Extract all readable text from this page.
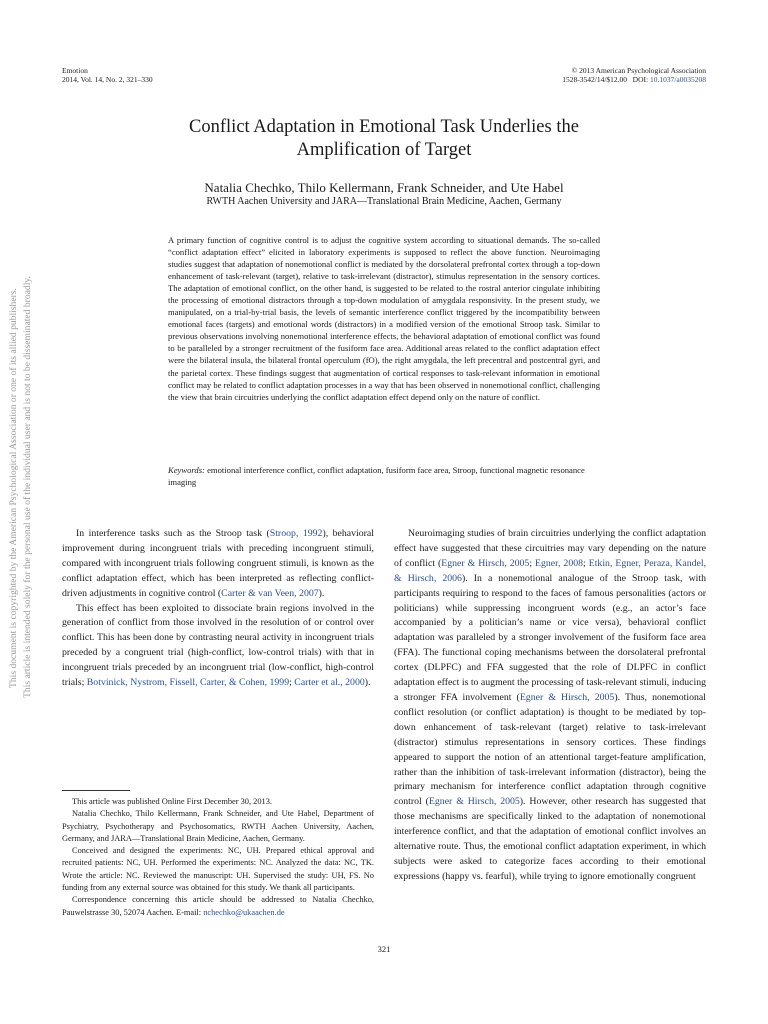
Emotion
2014, Vol. 14, No. 2, 321–330
© 2013 American Psychological Association
1528-3542/14/$12.00 DOI: 10.1037/a0035208
Conflict Adaptation in Emotional Task Underlies the
Amplification of Target
Natalia Chechko, Thilo Kellermann, Frank Schneider, and Ute Habel
RWTH Aachen University and JARA—Translational Brain Medicine, Aachen, Germany
A primary function of cognitive control is to adjust the cognitive system according to situational demands. The so-called “conflict adaptation effect” elicited in laboratory experiments is supposed to reflect the above function. Neuroimaging studies suggest that adaptation of nonemotional conflict is mediated by the dorsolateral prefrontal cortex through a top-down enhancement of task-relevant (target), relative to task-irrelevant (distractor), stimulus representation in the sensory cortices. The adaptation of emotional conflict, on the other hand, is suggested to be related to the rostral anterior cingulate inhibiting the processing of emotional distractors through a top-down modulation of amygdala responsivity. In the present study, we manipulated, on a trial-by-trial basis, the levels of semantic interference conflict triggered by the incompatibility between emotional faces (targets) and emotional words (distractors) in a modified version of the emotional Stroop task. Similar to previous observations involving nonemotional interference effects, the behavioral adaptation of emotional conflict was found to be paralleled by a stronger recruitment of the fusiform face area. Additional areas related to the conflict adaptation effect were the bilateral insula, the bilateral frontal operculum (fO), the right amygdala, the left precentral and postcentral gyri, and the parietal cortex. These findings suggest that augmentation of cortical responses to task-relevant information in emotional conflict may be related to conflict adaptation processes in a way that has been observed in nonemotional conflict, challenging the view that brain circuitries underlying the conflict adaptation effect depend only on the nature of conflict.
Keywords: emotional interference conflict, conflict adaptation, fusiform face area, Stroop, functional magnetic resonance imaging

In interference tasks such as the Stroop task (Stroop, 1992), behavioral improvement during incongruent trials with preceding incongruent stimuli, compared with incongruent trials following congruent stimuli, is known as the conflict adaptation effect, which has been interpreted as reflecting conflict-driven adjustments in cognitive control (Carter & van Veen, 2007).

This effect has been exploited to dissociate brain regions involved in the generation of conflict from those involved in the resolution of or control over conflict. This has been done by contrasting neural activity in incongruent trials preceded by a congruent trial (high-conflict, low-control trials) with that in incongruent trials preceded by an incongruent trial (low-conflict, high-control trials; Botvinick, Nystrom, Fissell, Carter, & Cohen, 1999; Carter et al., 2000).

This article was published Online First December 30, 2013.

Natalia Chechko, Thilo Kellermann, Frank Schneider, and Ute Habel, Department of Psychiatry, Psychotherapy and Psychosomatics, RWTH Aachen University, Aachen, Germany, and JARA—Translational Brain Medicine, Aachen, Germany.

Conceived and designed the experiments: NC, UH. Prepared ethical approval and recruited patients: NC, UH. Performed the experiments: NC. Analyzed the data: NC, TK. Wrote the article: NC. Reviewed the manuscript: UH. Supervised the study: UH, FS. No funding from any external source was obtained for this study. We thank all participants.

Correspondence concerning this article should be addressed to Natalia Chechko, Pauwelstrasse 30, 52074 Aachen. E-mail: nchechko@ukaachen.de

Neuroimaging studies of brain circuitries underlying the conflict adaptation effect have suggested that these circuitries may vary depending on the nature of conflict (Egner & Hirsch, 2005; Egner, 2008; Etkin, Egner, Peraza, Kandel, & Hirsch, 2006). In a nonemotional analogue of the Stroop task, with participants requiring to respond to the faces of famous personalities (actors or politicians) while suppressing incongruent words (e.g., an actor’s face accompanied by a politician’s name or vice versa), behavioral conflict adaptation was paralleled by a stronger involvement of the fusiform face area (FFA). The functional coping mechanisms between the dorsolateral prefrontal cortex (DLPFC) and FFA suggested that the role of DLPFC in conflict adaptation effect is to augment the processing of task-relevant stimuli, inducing a stronger FFA involvement (Egner & Hirsch, 2005). Thus, nonemotional conflict resolution (or conflict adaptation) is thought to be mediated by top-down enhancement of task-relevant (target) relative to task-irrelevant (distractor) stimulus representations in sensory cortices. These findings appeared to support the notion of an attentional target-feature amplification, rather than the inhibition of task-irrelevant information (distractor), being the primary mechanism for interference conflict adaptation through cognitive control (Egner & Hirsch, 2005). However, other research has suggested that those mechanisms are specifically linked to the adaptation of nonemotional interference conflict, and that the adaptation of emotional conflict involves an alternative route. Thus, the emotional conflict adaptation experiment, in which subjects were asked to categorize faces according to their emotional expressions (happy vs. fearful), while trying to ignore emotionally congruent

321
This document is copyrighted by the American Psychological Association or one of its allied publishers. This article is intended solely for the personal use of the individual user and is not to be disseminated broadly.
